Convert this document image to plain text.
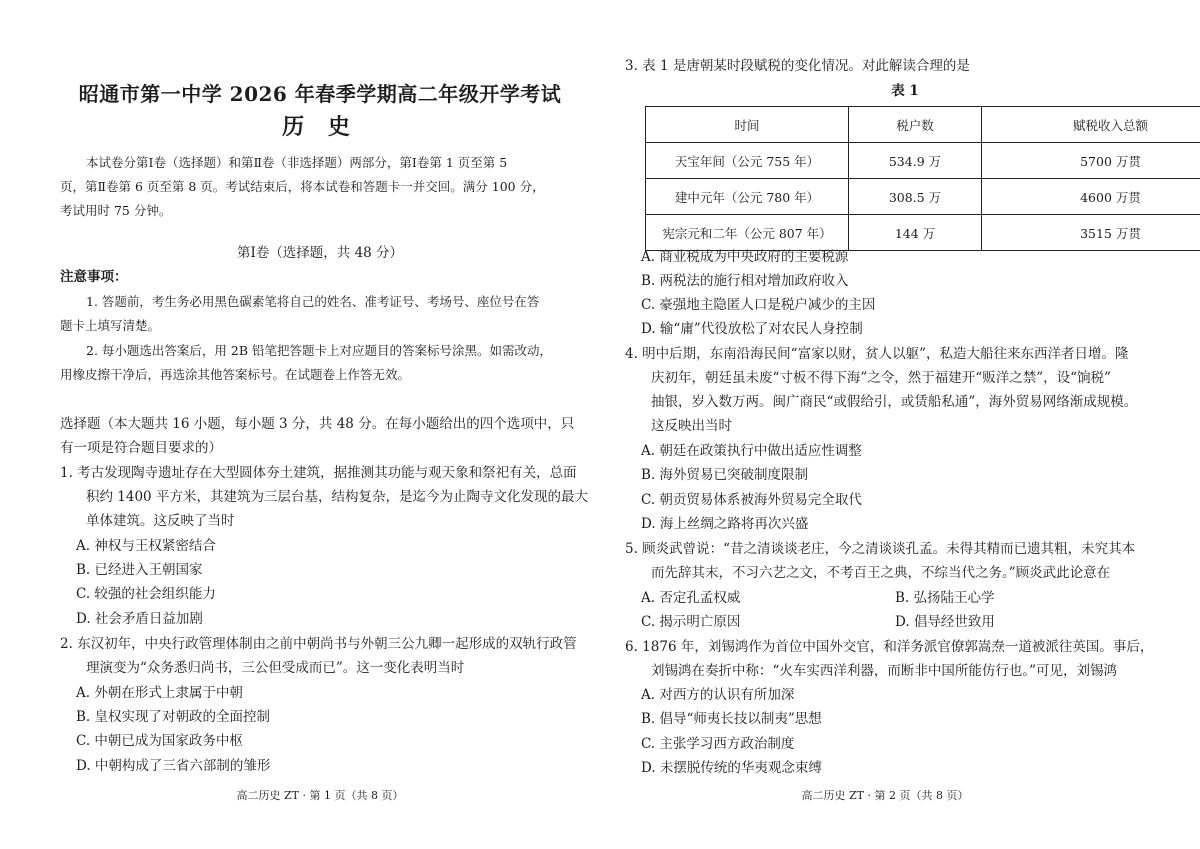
昭通市第一中学 2026 年春季学期高二年级开学考试
历 史
本试卷分第Ⅰ卷（选择题）和第Ⅱ卷（非选择题）两部分，第Ⅰ卷第 1 页至第 5
页，第Ⅱ卷第 6 页至第 8 页。考试结束后，将本试卷和答题卡一并交回。满分 100 分，
考试用时 75 分钟。
第Ⅰ卷（选择题，共 48 分）
注意事项：
1. 答题前，考生务必用黑色碳素笔将自己的姓名、准考证号、考场号、座位号在答
题卡上填写清楚。
2. 每小题选出答案后，用 2B 铅笔把答题卡上对应题目的答案标号涂黑。如需改动，
用橡皮擦干净后，再选涂其他答案标号。在试题卷上作答无效。
选择题（本大题共 16 小题，每小题 3 分，共 48 分。在每小题给出的四个选项中，只
有一项是符合题目要求的）
1. 考古发现陶寺遗址存在大型圆体夯土建筑，据推测其功能与观天象和祭祀有关，总面
积约 1400 平方米，其建筑为三层台基，结构复杂，是迄今为止陶寺文化发现的最大
单体建筑。这反映了当时
A. 神权与王权紧密结合
B. 已经进入王朝国家
C. 较强的社会组织能力
D. 社会矛盾日益加剧
2. 东汉初年，中央行政管理体制由之前中朝尚书与外朝三公九卿一起形成的双轨行政管
理演变为“众务悉归尚书，三公但受成而已”。这一变化表明当时
A. 外朝在形式上隶属于中朝
B. 皇权实现了对朝政的全面控制
C. 中朝已成为国家政务中枢
D. 中朝构成了三省六部制的雏形
高二历史 ZT · 第 1 页（共 8 页）
3. 表 1 是唐朝某时段赋税的变化情况。对此解读合理的是
表 1
时间	税户数	赋税收入总额
天宝年间（公元 755 年）	534.9 万	5700 万贯
建中元年（公元 780 年）	308.5 万	4600 万贯
宪宗元和二年（公元 807 年）	144 万	3515 万贯
A. 商业税成为中央政府的主要税源
B. 两税法的施行相对增加政府收入
C. 豪强地主隐匿人口是税户减少的主因
D. 输“庸”代役放松了对农民人身控制
4. 明中后期，东南沿海民间“富家以财，贫人以躯”，私造大船往来东西洋者日增。隆
庆初年，朝廷虽未废“寸板不得下海”之令，然于福建开“贩洋之禁”，设“饷税”
抽银，岁入数万两。闽广商民“或假给引，或赁船私通”，海外贸易网络渐成规模。
这反映出当时
A. 朝廷在政策执行中做出适应性调整
B. 海外贸易已突破制度限制
C. 朝贡贸易体系被海外贸易完全取代
D. 海上丝绸之路将再次兴盛
5. 顾炎武曾说：“昔之清谈谈老庄，今之清谈谈孔孟。未得其精而已遗其粗，未究其本
而先辞其末，不习六艺之文，不考百王之典，不综当代之务。”顾炎武此论意在
A. 否定孔孟权威	B. 弘扬陆王心学
C. 揭示明亡原因	D. 倡导经世致用
6. 1876 年，刘锡鸿作为首位中国外交官，和洋务派官僚郭嵩焘一道被派往英国。事后，
刘锡鸿在奏折中称：“火车实西洋利器，而断非中国所能仿行也。”可见，刘锡鸿
A. 对西方的认识有所加深
B. 倡导“师夷长技以制夷”思想
C. 主张学习西方政治制度
D. 未摆脱传统的华夷观念束缚
高二历史 ZT · 第 2 页（共 8 页）
